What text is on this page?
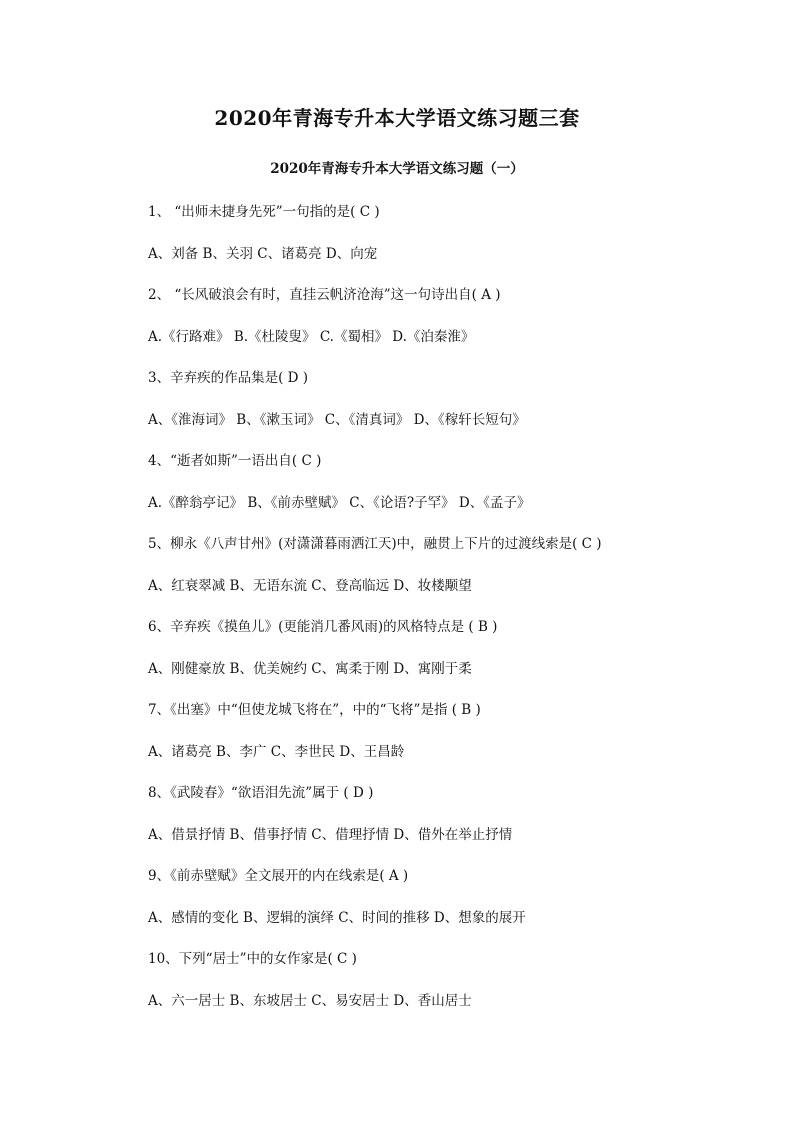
2020年青海专升本大学语文练习题三套
2020年青海专升本大学语文练习题（一）
1、 “出师未捷身先死”一句指的是( C )
A、刘备 B、关羽 C、诸葛亮 D、向宠
2、 “长风破浪会有时，直挂云帆济沧海”这一句诗出自( A )
A.《行路难》 B.《杜陵叟》 C.《蜀相》 D.《泊秦淮》
3、辛弃疾的作品集是( D )
A、《淮海词》 B、《漱玉词》 C、《清真词》 D、《稼轩长短句》
4、“逝者如斯”一语出自( C )
A.《醉翁亭记》 B、《前赤壁赋》 C、《论语?子罕》 D、《孟子》
5、柳永《八声甘州》(对潇潇暮雨洒江天)中，融贯上下片的过渡线索是( C )
A、红衰翠减 B、无语东流 C、登高临远 D、妆楼颙望
6、辛弃疾《摸鱼儿》(更能消几番风雨)的风格特点是 ( B )
A、刚健豪放 B、优美婉约 C、寓柔于刚 D、寓刚于柔
7、《出塞》中“但使龙城飞将在”，中的“飞将”是指 ( B )
A、诸葛亮 B、李广 C、李世民 D、王昌龄
8、《武陵春》“欲语泪先流”属于 ( D )
A、借景抒情 B、借事抒情 C、借理抒情 D、借外在举止抒情
9、《前赤壁赋》全文展开的内在线索是( A )
A、感情的变化 B、逻辑的演绎 C、时间的推移 D、想象的展开
10、下列“居士”中的女作家是( C )
A、六一居士 B、东坡居士 C、易安居士 D、香山居士
